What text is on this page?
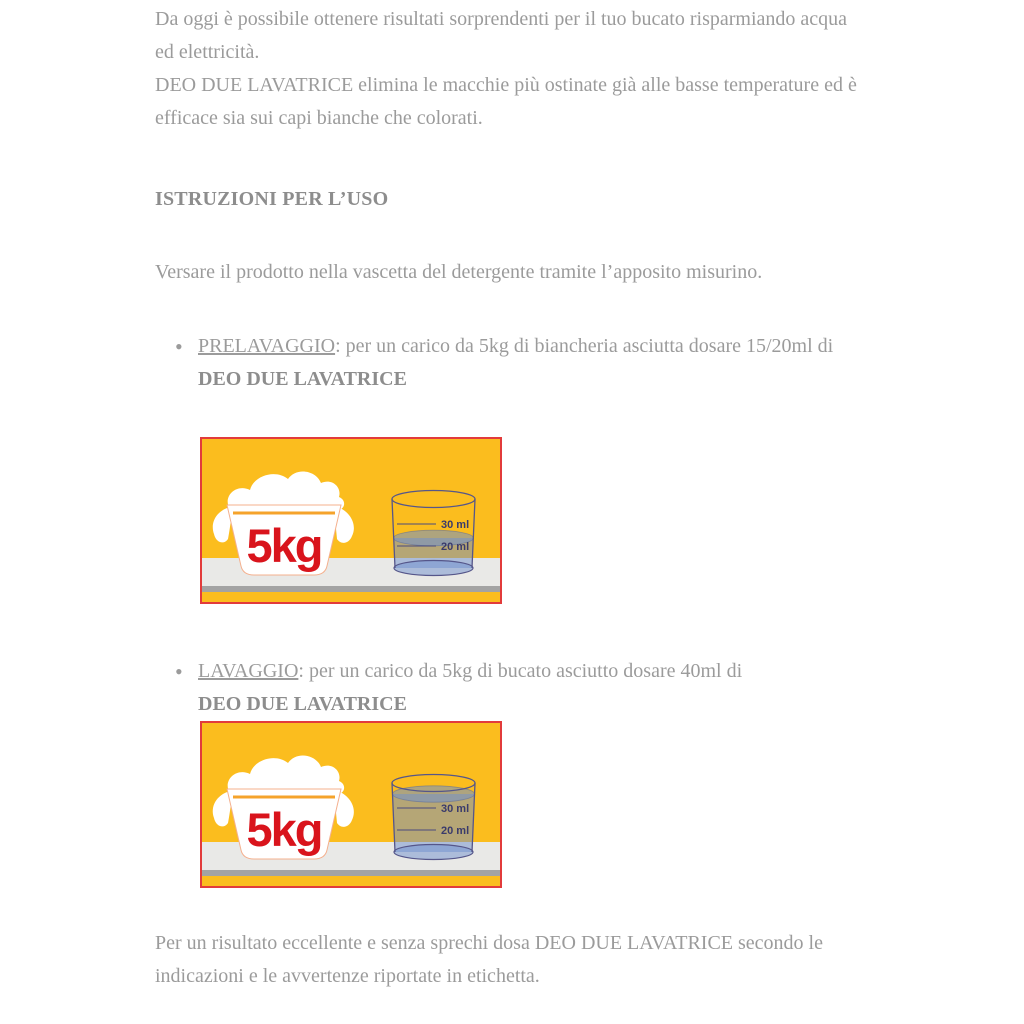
Da oggi è possibile ottenere risultati sorprendenti per il tuo bucato risparmiando acqua ed elettricità.
DEO DUE LAVATRICE elimina le macchie più ostinate già alle basse temperature ed è efficace sia sui capi bianche che colorati.

ISTRUZIONI PER L’USO

Versare il prodotto nella vascetta del detergente tramite l’apposito misurino.

• PRELAVAGGIO: per un carico da 5kg di biancheria asciutta dosare 15/20ml di DEO DUE LAVATRICE
5kg	30 ml
20 ml
• LAVAGGIO: per un carico da 5kg di bucato asciutto dosare 40ml di DEO DUE LAVATRICE
5kg	30 ml
20 ml

Per un risultato eccellente e senza sprechi dosa DEO DUE LAVATRICE secondo le indicazioni e le avvertenze riportate in etichetta.
